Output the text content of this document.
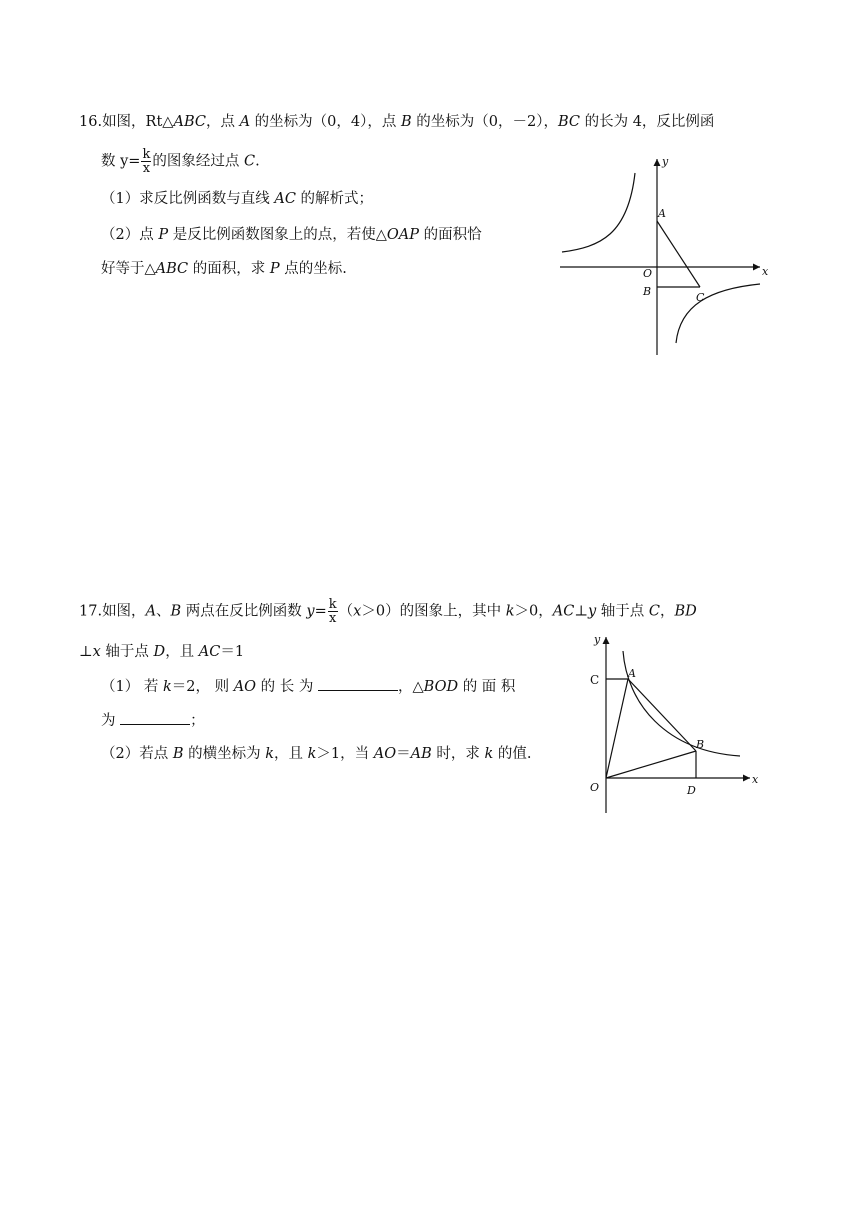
16.如图，Rt△ABC，点 A 的坐标为（0，4），点 B 的坐标为（0，－2），BC 的长为 4，反比例函
数 $y= \frac{k}{x}$ 的图象经过点 C.
（1）求反比例函数与直线 AC 的解析式；
（2）点 P 是反比例函数图象上的点，若使△OAP 的面积恰
好等于△ABC 的面积，求 P 点的坐标.
y
x
A
O
B	C
17.如图，A、B 两点在反比例函数 $y= \frac{k}{x} (x>0)$的图象上，其中 k＞0，AC⊥y 轴于点 C，BD
⊥x 轴于点 D，且 AC＝1
（1） 若 k＝2， 则 AO 的 长 为	，△BOD 的 面 积
为	；
（2）若点 B 的横坐标为 k，且 k＞1，当 AO＝AB 时，求 k 的值.
y
x
C	A
B
O	D
